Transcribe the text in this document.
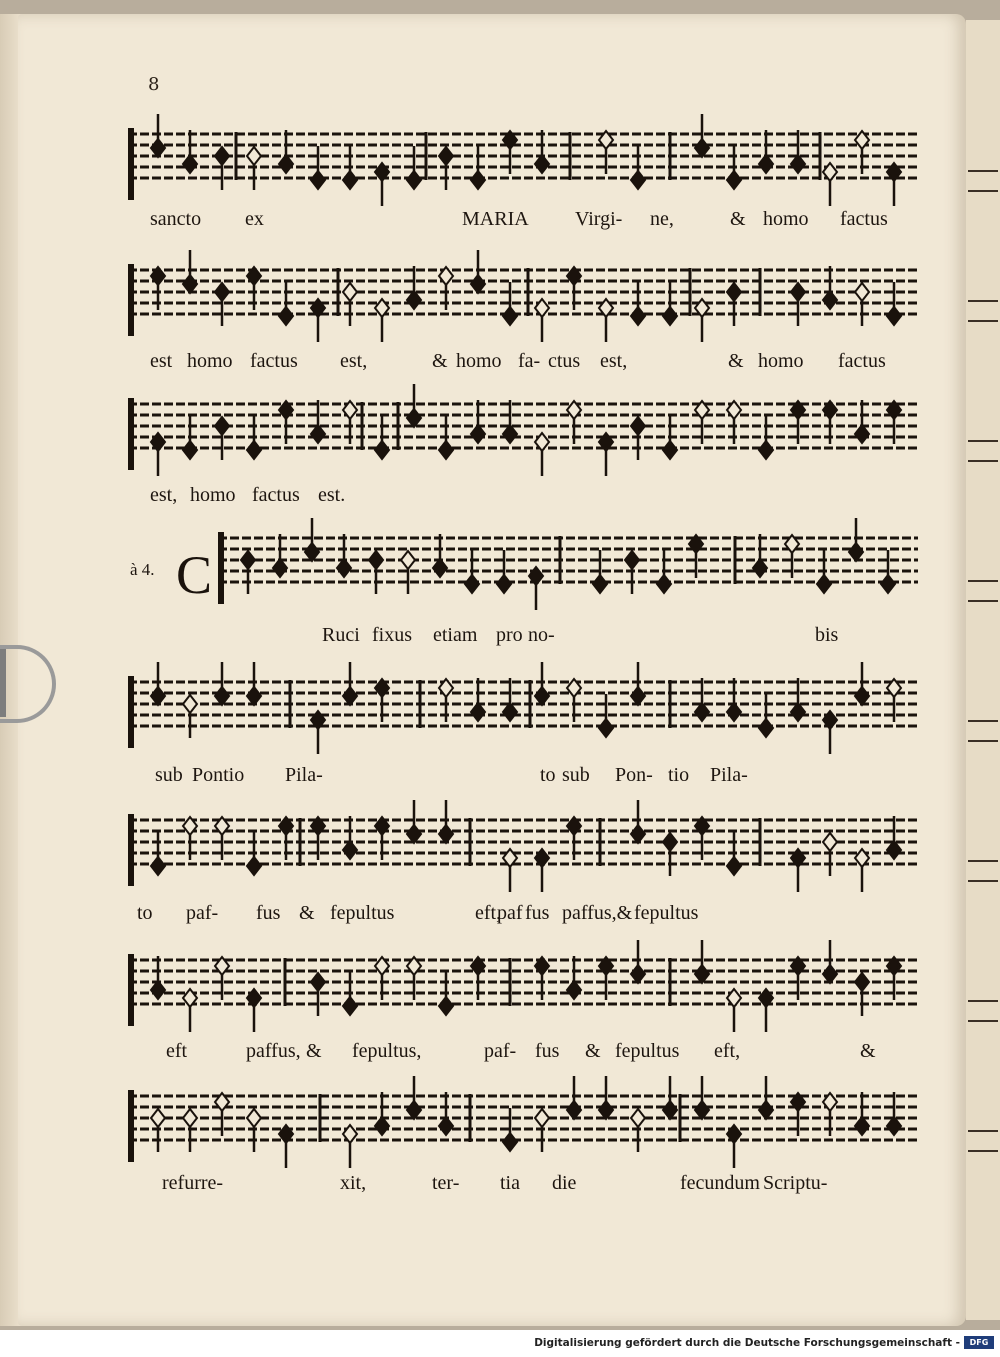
8
sancto ex	MARIA Virgi- ne,	& homo factus
est homo factus est,	& homo fa- ctus est,	& homo factus
est, homo factus est.
Ruci fixus etiam pro no-	bis
sub Pontio Pila-	to sub Pon- tio Pila-
to paf- fus & fepultus	eft,
paf fus paffus,& fepultus
eft	paffus, & fepultus,	paf- fus & fepultus eft,	&
refurre-	xit,	ter- tia die	fecundum Scriptu-
à 4. C
Digitalisierung gefördert durch die Deutsche Forschungsgemeinschaft -	DFG
